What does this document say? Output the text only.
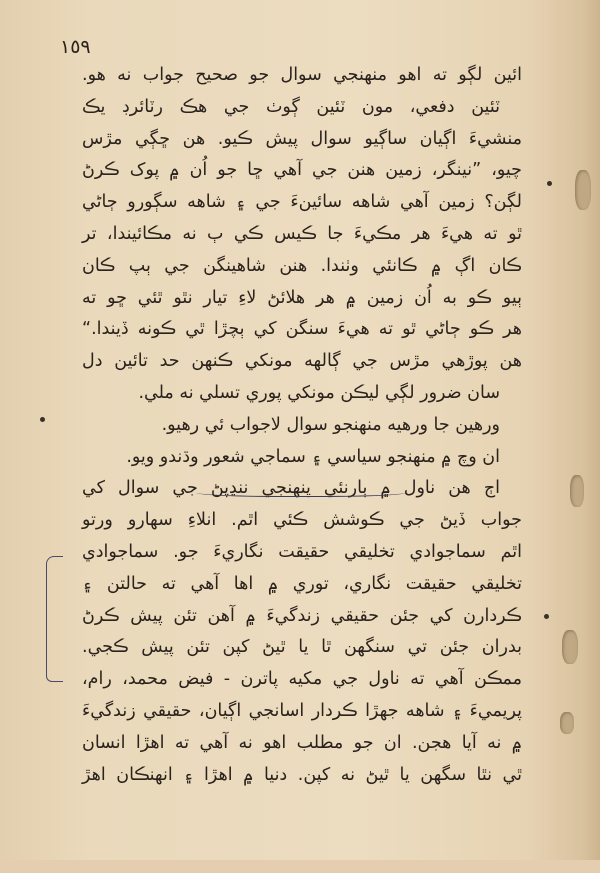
١٥٩
ائين لڳو ته اهو منهنجي سوال جو صحيح جواب نه هو.
ٽئين دفعي، مون ٽئين ڳوٺ جي هڪ رٽائرڊ يڪ
منشيءَ اڳيان ساڳيو سوال پيش ڪيو. هن ڇڳي مڙس
چيو، ”نينگر، زمين هنن جي آهي ڇا جو اُن ۾ پوک ڪرڻ
لڳن؟ زمين آهي شاهه سائينءَ جي ۽ شاهه سڳورو ڄاڻي
ٿو ته هيءَ هر مڪيءَ جا ڪيس ڪي ٻ نه مڪائيندا، تر
ڪان اڳ ۾ ڪانئي وٺندا. هنن شاهينگن جي ٻپ ڪان
ٻيو ڪو به اُن زمين ۾ هر هلائڻ لاءِ تيار نٿو ٿئي ڇو ته
هر ڪو ڄاڻي ٿو ته هيءَ سنگن کي ٻچڙا ٿي ڪونه ڏيندا.“
هن پوڙهي مڙس جي ڳالهه مونکي ڪنهن حد تائين دل
سان ضرور لڳي ليڪن مونکي پوري تسلي نه ملي.
ورهين جا ورهيه منهنجو سوال لاجواب ئي رهيو.
ان وچ ۾ منهنجو سياسي ۽ سماجي شعور وڌندو ويو.
اڄ هن ناول ۾ ٻارنئي پنهنجي ننڍپڻ جي سوال کي
جواب ڏيڻ جي ڪوشش ڪئي اٿم. انلاءِ سهارو ورتو
اٿم سماجوادي تخليقي حقيقت نگاريءَ جو. سماجوادي
تخليقي حقيقت نگاري، توري ۾ اها آهي ته حالتن ۽
ڪردارن کي جئن حقيقي زندگيءَ ۾ آهن تئن پيش ڪرڻ
بدران جئن تي سنگهن ٿا يا ٿيڻ کپن تئن پيش ڪجي.
ممڪن آهي ته ناول جي مکيه پاترن - فيض محمد، رام،
پريميءَ ۽ شاهه جهڙا ڪردار اسانجي اڳيان، حقيقي زندگيءَ
۾ نه آيا هجن. ان جو مطلب اهو نه آهي ته اهڙا انسان
ٿي نٿا سگهن يا ٿيڻ نه کپن. دنيا ۾ اهڙا ۽ انهنڪان اهڙ
